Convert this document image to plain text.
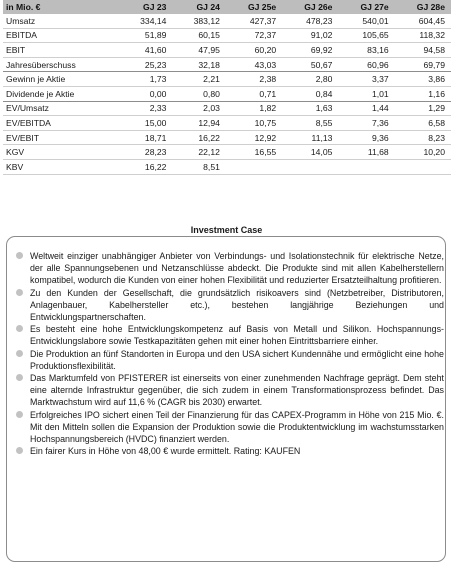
in Mio. €	GJ 23	GJ 24	GJ 25e	GJ 26e	GJ 27e	GJ 28e
Umsatz	334,14	383,12	427,37	478,23	540,01	604,45
EBITDA	51,89	60,15	72,37	91,02	105,65	118,32
EBIT	41,60	47,95	60,20	69,92	83,16	94,58
Jahresüberschuss	25,23	32,18	43,03	50,67	60,96	69,79
Gewinn je Aktie	1,73	2,21	2,38	2,80	3,37	3,86
Dividende je Aktie	0,00	0,80	0,71	0,84	1,01	1,16
EV/Umsatz	2,33	2,03	1,82	1,63	1,44	1,29
EV/EBITDA	15,00	12,94	10,75	8,55	7,36	6,58
EV/EBIT	18,71	16,22	12,92	11,13	9,36	8,23
KGV	28,23	22,12	16,55	14,05	11,68	10,20
KBV	16,22	8,51				
Investment Case
Weltweit einziger unabhängiger Anbieter von Verbindungs- und Isolationstechnik für elektrische Netze, der alle Spannungsebenen und Netzanschlüsse abdeckt. Die Produkte sind mit allen Kabelherstellern kompatibel, wodurch die Kunden von einer hohen Flexibilität und reduzierter Ersatzteilhaltung profitieren.
Zu den Kunden der Gesellschaft, die grundsätzlich risikoavers sind (Netzbetreiber, Distributoren, Anlagenbauer, Kabelhersteller etc.), bestehen langjährige Beziehungen und Entwicklungspartnerschaften.
Es besteht eine hohe Entwicklungskompetenz auf Basis von Metall und Silikon. Hochspannungs-Entwicklungslabore sowie Testkapazitäten gehen mit einer hohen Eintrittsbarriere einher.
Die Produktion an fünf Standorten in Europa und den USA sichert Kundennähe und ermöglicht eine hohe Produktionsflexibilität.
Das Marktumfeld von PFISTERER ist einerseits von einer zunehmenden Nachfrage geprägt. Dem steht eine alternde Infrastruktur gegenüber, die sich zudem in einem Transformationsprozess befindet. Das Marktwachstum wird auf 11,6 % (CAGR bis 2030) erwartet.
Erfolgreiches IPO sichert einen Teil der Finanzierung für das CAPEX-Programm in Höhe von 215 Mio. €. Mit den Mitteln sollen die Expansion der Produktion sowie die Produktentwicklung im wachstumsstarken Hochspannungsbereich (HVDC) finanziert werden.
Ein fairer Kurs in Höhe von 48,00 € wurde ermittelt. Rating: KAUFEN
